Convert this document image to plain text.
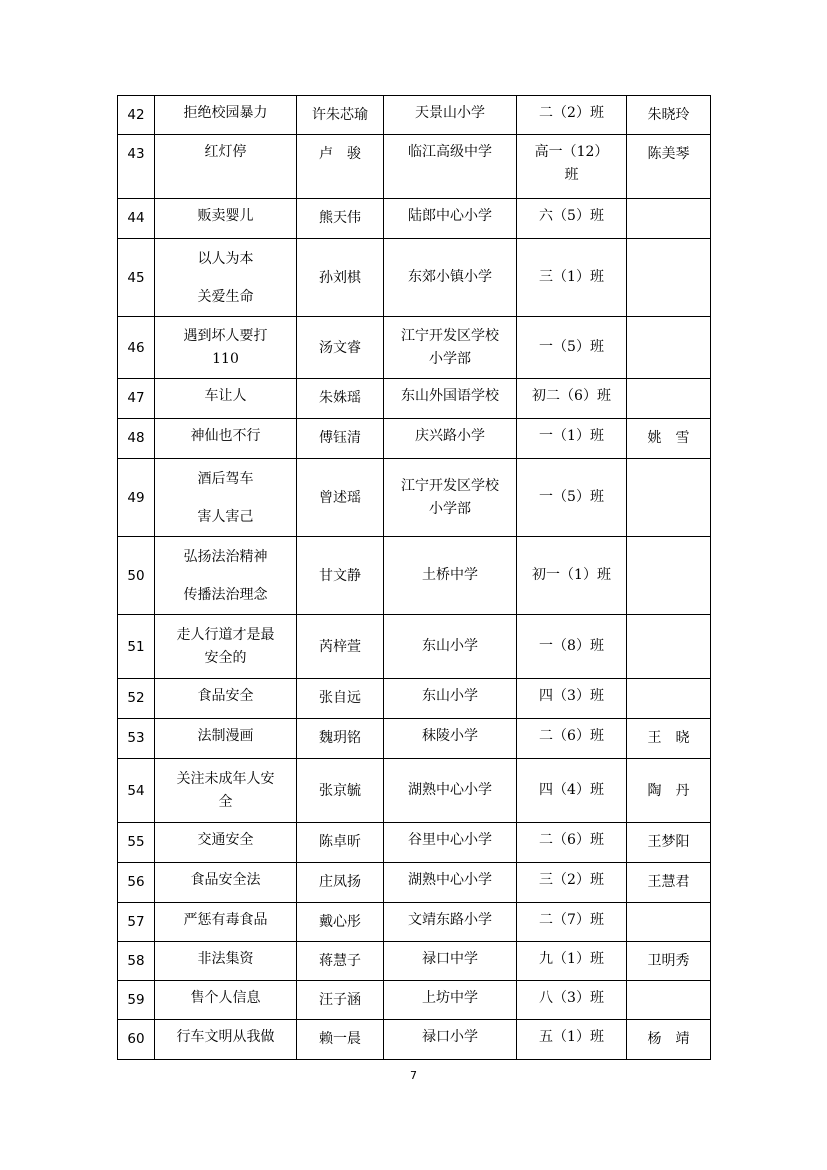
42	拒绝校园暴力	许朱芯瑜	天景山小学	二（2）班	朱晓玲
43	红灯停	卢　骏	临江高级中学	高一（12）
班	陈美琴
44	贩卖婴儿	熊天伟	陆郎中心小学	六（5）班	
45	以人为本
关爱生命	孙刘棋	东郊小镇小学	三（1）班	
46	遇到坏人要打
110	汤文睿	江宁开发区学校
小学部	一（5）班	
47	车让人	朱姝瑶	东山外国语学校	初二（6）班	
48	神仙也不行	傅钰清	庆兴路小学	一（1）班	姚　雪
49	酒后驾车
害人害己	曾述瑶	江宁开发区学校
小学部	一（5）班	
50	弘扬法治精神
传播法治理念	甘文静	土桥中学	初一（1）班	
51	走人行道才是最
安全的	芮梓萱	东山小学	一（8）班	
52	食品安全	张自远	东山小学	四（3）班	
53	法制漫画	魏玥铭	秣陵小学	二（6）班	王　晓
54	关注未成年人安
全	张京毓	湖熟中心小学	四（4）班	陶　丹
55	交通安全	陈卓昕	谷里中心小学	二（6）班	王梦阳
56	食品安全法	庄凤扬	湖熟中心小学	三（2）班	王慧君
57	严惩有毒食品	戴心彤	文靖东路小学	二（7）班	
58	非法集资	蒋慧子	禄口中学	九（1）班	卫明秀
59	售个人信息	汪子涵	上坊中学	八（3）班	
60	行车文明从我做	赖一晨	禄口小学	五（1）班	杨　靖
7
